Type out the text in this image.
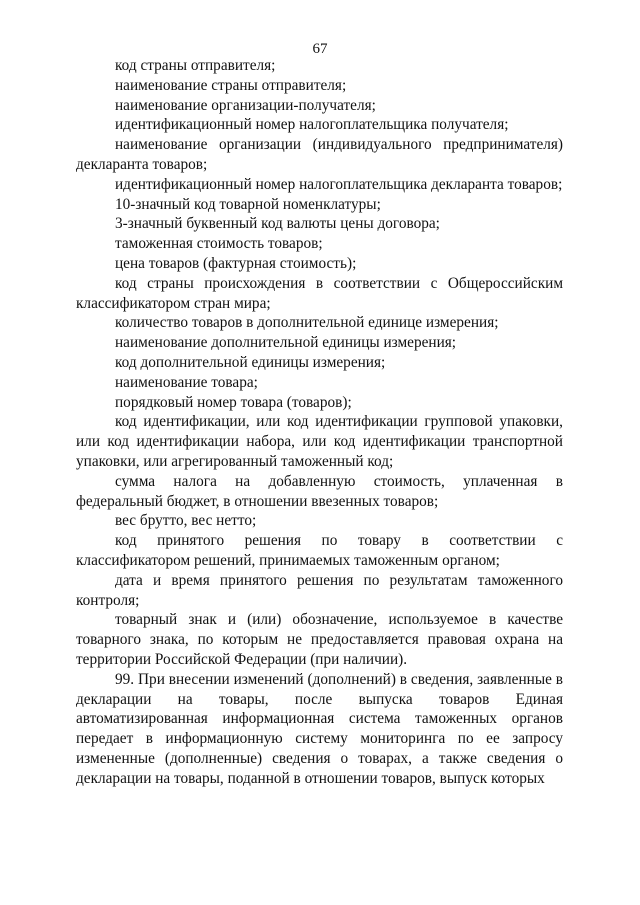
67

код страны отправителя;

наименование страны отправителя;

наименование организации-получателя;

идентификационный номер налогоплательщика получателя;

наименование организации (индивидуального предпринимателя) декларанта товаров;

идентификационный номер налогоплательщика декларанта товаров;

10-значный код товарной номенклатуры;

3-значный буквенный код валюты цены договора;

таможенная стоимость товаров;

цена товаров (фактурная стоимость);

код страны происхождения в соответствии с Общероссийским классификатором стран мира;

количество товаров в дополнительной единице измерения;

наименование дополнительной единицы измерения;

код дополнительной единицы измерения;

наименование товара;

порядковый номер товара (товаров);

код идентификации, или код идентификации групповой упаковки, или код идентификации набора, или код идентификации транспортной упаковки, или агрегированный таможенный код;

сумма налога на добавленную стоимость, уплаченная в федеральный бюджет, в отношении ввезенных товаров;

вес брутто, вес нетто;

код принятого решения по товару в соответствии с классификатором решений, принимаемых таможенным органом;

дата и время принятого решения по результатам таможенного контроля;

товарный знак и (или) обозначение, используемое в качестве товарного знака, по которым не предоставляется правовая охрана на территории Российской Федерации (при наличии).

99. При внесении изменений (дополнений) в сведения, заявленные в декларации на товары, после выпуска товаров Единая автоматизированная информационная система таможенных органов передает в информационную систему мониторинга по ее запросу измененные (дополненные) сведения о товарах, а также сведения о декларации на товары, поданной в отношении товаров, выпуск которых
